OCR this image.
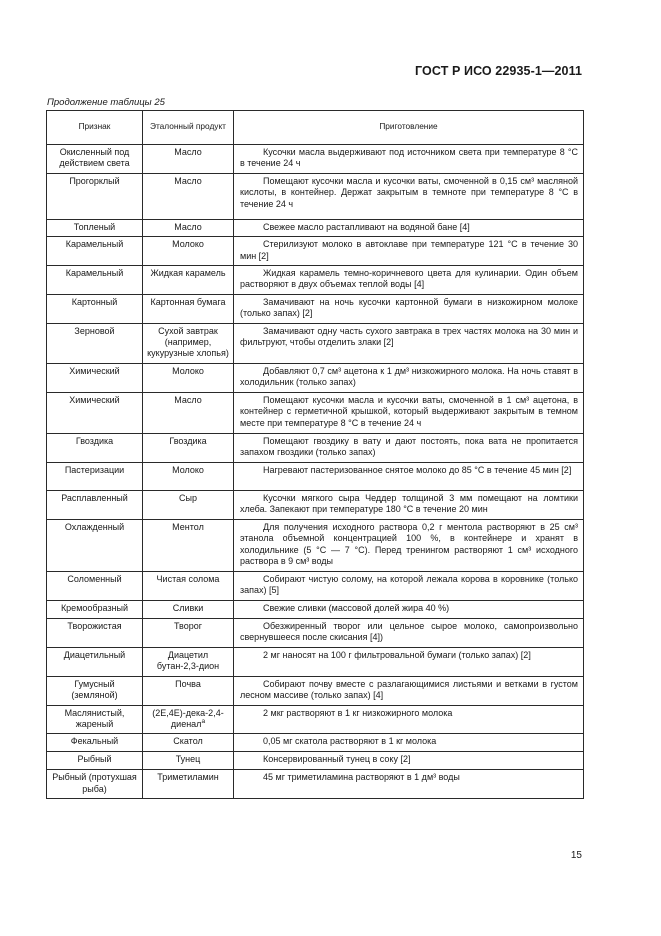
ГОСТ Р ИСО 22935-1—2011
Продолжение таблицы 25
Признак	Эталонный продукт	Приготовление
Окисленный под действием света	Масло	Кусочки масла выдерживают под источником света при температуре 8 °С в течение 24 ч
Прогорклый	Масло	Помещают кусочки масла и кусочки ваты, смоченной в 0,15 см³ масляной кислоты, в контейнер. Держат закрытым в темноте при температуре 8 °С в течение 24 ч
Топленый	Масло	Свежее масло растапливают на водяной бане [4]
Карамельный	Молоко	Стерилизуют молоко в автоклаве при температуре 121 °С в течение 30 мин [2]
Карамельный	Жидкая карамель	Жидкая карамель темно-коричневого цвета для кулинарии. Один объем растворяют в двух объемах теплой воды [4]
Картонный	Картонная бумага	Замачивают на ночь кусочки картонной бумаги в низкожирном молоке (только запах) [2]
Зерновой	Сухой завтрак (например, кукурузные хлопья)	Замачивают одну часть сухого завтрака в трех частях молока на 30 мин и фильтруют, чтобы отделить злаки [2]
Химический	Молоко	Добавляют 0,7 см³ ацетона к 1 дм³ низкожирного молока. На ночь ставят в холодильник (только запах)
Химический	Масло	Помещают кусочки масла и кусочки ваты, смоченной в 1 см³ ацетона, в контейнер с герметичной крышкой, который выдерживают закрытым в темном месте при температуре 8 °С в течение 24 ч
Гвоздика	Гвоздика	Помещают гвоздику в вату и дают постоять, пока вата не пропитается запахом гвоздики (только запах)
Пастеризации	Молоко	Нагревают пастеризованное снятое молоко до 85 °С в течение 45 мин [2]
Расплавленный	Сыр	Кусочки мягкого сыра Чеддер толщиной 3 мм помещают на ломтики хлеба. Запекают при температуре 180 °С в течение 20 мин
Охлажденный	Ментол	Для получения исходного раствора 0,2 г ментола растворяют в 25 см³ этанола объемной концентрацией 100 %, в контейнере и хранят в холодильнике (5 °С — 7 °С). Перед тренингом растворяют 1 см³ исходного раствора в 9 см³ воды
Соломенный	Чистая солома	Собирают чистую солому, на которой лежала корова в коровнике (только запах) [5]
Кремообразный	Сливки	Свежие сливки (массовой долей жира 40 %)
Творожистая	Творог	Обезжиренный творог или цельное сырое молоко, самопроизвольно свернувшееся после скисания [4])
Диацетильный	Диацетил бутан-2,3-дион	2 мг наносят на 100 г фильтровальной бумаги (только запах) [2]
Гумусный (земляной)	Почва	Собирают почву вместе с разлагающимися листьями и ветками в густом лесном массиве (только запах) [4]
Маслянистый, жареный	(2E,4E)-дека-2,4-диенал$^a$	2 мкг растворяют в 1 кг низкожирного молока
Фекальный	Скатол	0,05 мг скатола растворяют в 1 кг молока
Рыбный	Тунец	Консервированный тунец в соку [2]
Рыбный (протухшая рыба)	Триметиламин	45 мг триметиламина растворяют в 1 дм³ воды
15
